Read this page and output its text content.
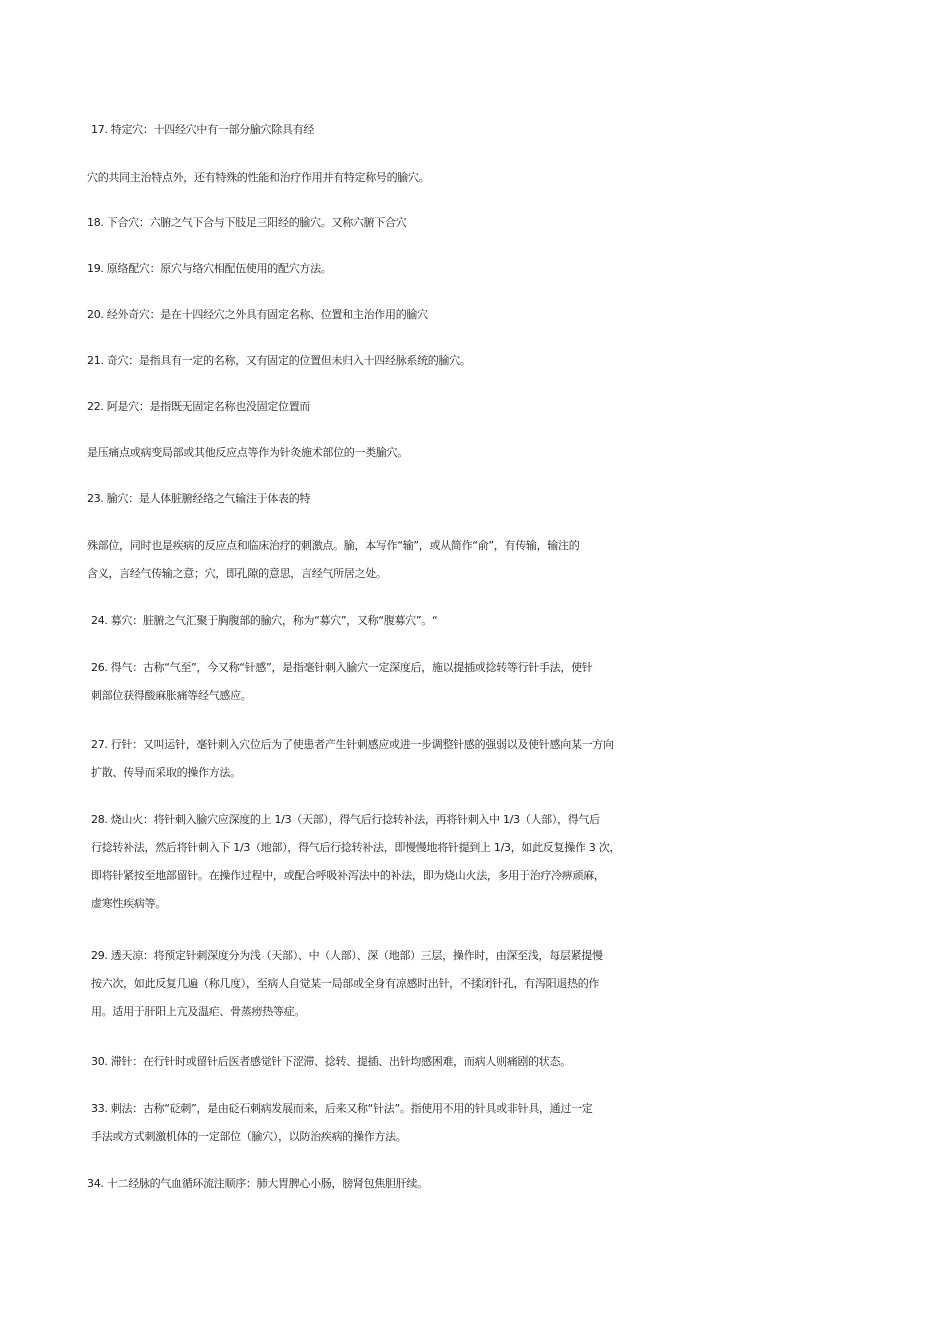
17. 特定穴：十四经穴中有一部分腧穴除具有经
穴的共同主治特点外，还有特殊的性能和治疗作用并有特定称号的腧穴。
18. 下合穴：六腑之气下合与下肢足三阳经的腧穴。又称六腑下合穴
19. 原络配穴：原穴与络穴相配伍使用的配穴方法。
20. 经外奇穴：是在十四经穴之外具有固定名称、位置和主治作用的腧穴
21. 奇穴：是指具有一定的名称，又有固定的位置但未归入十四经脉系统的腧穴。
22. 阿是穴：是指既无固定名称也没固定位置而
是压痛点或病变局部或其他反应点等作为针灸施术部位的一类腧穴。
23. 腧穴：是人体脏腑经络之气输注于体表的特
殊部位，同时也是疾病的反应点和临床治疗的刺激点。腧，本写作“输”，或从简作“俞”，有传输，输注的
含义，言经气传输之意；穴，即孔隙的意思，言经气所居之处。
24. 募穴：脏腑之气汇聚于胸腹部的腧穴，称为“募穴”，又称“腹募穴”。“
26. 得气：古称“气至”，今又称“针感”，是指毫针刺入腧穴一定深度后，施以提插或捻转等行针手法，使针
刺部位获得酸麻胀痛等经气感应。
27. 行针：又叫运针，毫针刺入穴位后为了使患者产生针刺感应或进一步调整针感的强弱以及使针感向某一方向
扩散、传导而采取的操作方法。
28. 烧山火：将针刺入腧穴应深度的上 1/3（天部），得气后行捻转补法，再将针刺入中 1/3（人部），得气后
行捻转补法，然后将针刺入下 1/3（地部），得气后行捻转补法，即慢慢地将针提到上 1/3，如此反复操作 3 次，
即将针紧按至地部留针。在操作过程中，或配合呼吸补泻法中的补法，即为烧山火法，多用于治疗冷痹顽麻，
虚寒性疾病等。
29. 透天凉：将预定针刺深度分为浅（天部）、中（人部）、深（地部）三层，操作时，由深至浅，每层紧提慢
按六次，如此反复几遍（称几度），至病人自觉某一局部或全身有凉感时出针，不揉闭针孔，有泻阳退热的作
用。适用于肝阳上亢及温疟、骨蒸痨热等症。
30. 滞针：在行针时或留针后医者感觉针下涩滞、捻转、提插、出针均感困难，而病人则痛剧的状态。
33. 刺法：古称“砭刺”，是由砭石刺病发展而来，后来又称“针法”。指使用不用的针具或非针具，通过一定
手法或方式刺激机体的一定部位（腧穴），以防治疾病的操作方法。
34. 十二经脉的气血循环流注顺序：肺大胃脾心小肠，膀肾包焦胆肝续。
